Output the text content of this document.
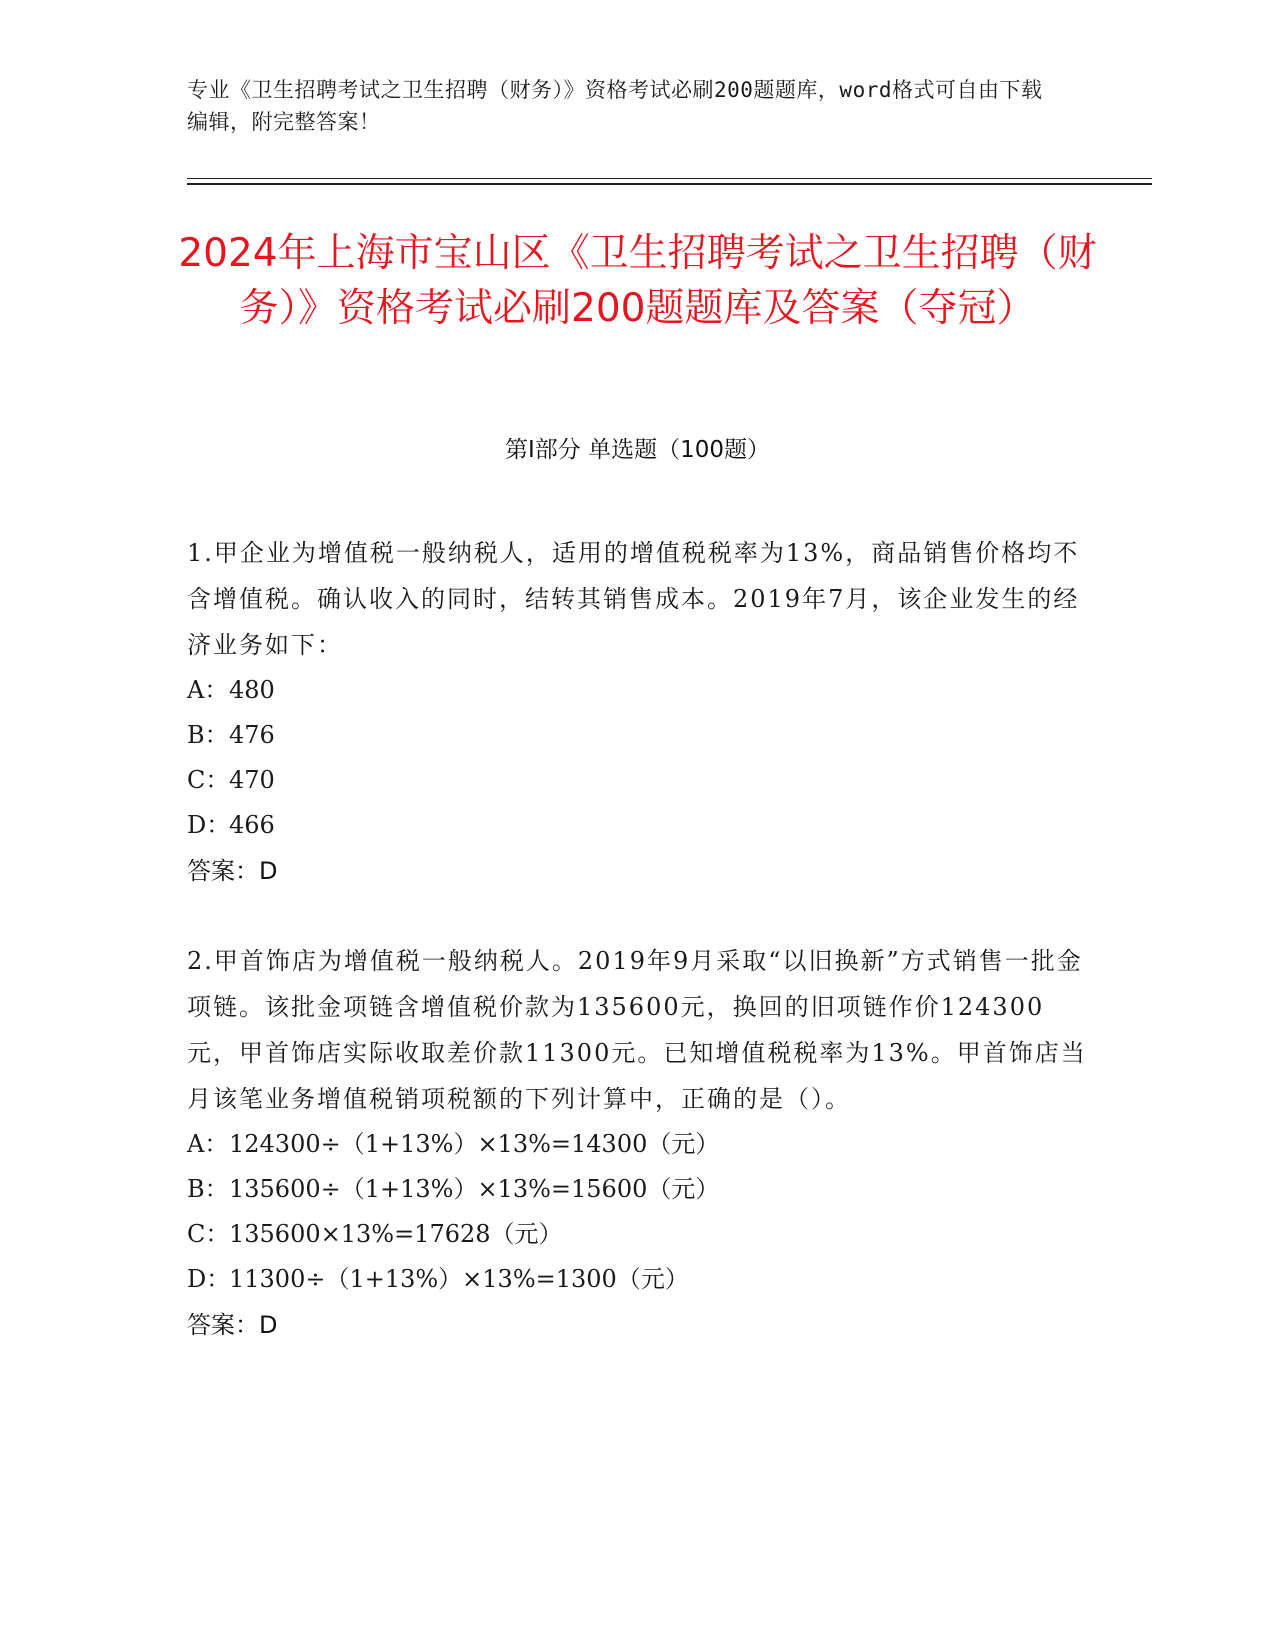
专业《卫生招聘考试之卫生招聘（财务）》资格考试必刷200题题库，word格式可自由下载编辑，附完整答案！
2024年上海市宝山区《卫生招聘考试之卫生招聘（财务）》资格考试必刷200题题库及答案（夺冠）
第I部分 单选题（100题）
1.甲企业为增值税一般纳税人，适用的增值税税率为13%，商品销售价格均不含增值税。确认收入的同时，结转其销售成本。2019年7月，该企业发生的经济业务如下：
A：480
B：476
C：470
D：466
答案：D
2.甲首饰店为增值税一般纳税人。2019年9月采取“以旧换新”方式销售一批金项链。该批金项链含增值税价款为135600元，换回的旧项链作价124300元，甲首饰店实际收取差价款11300元。已知增值税税率为13%。甲首饰店当月该笔业务增值税销项税额的下列计算中，正确的是（）。
A：124300÷（1+13%）×13%=14300（元）
B：135600÷（1+13%）×13%=15600（元）
C：135600×13%=17628（元）
D：11300÷（1+13%）×13%=1300（元）
答案：D
